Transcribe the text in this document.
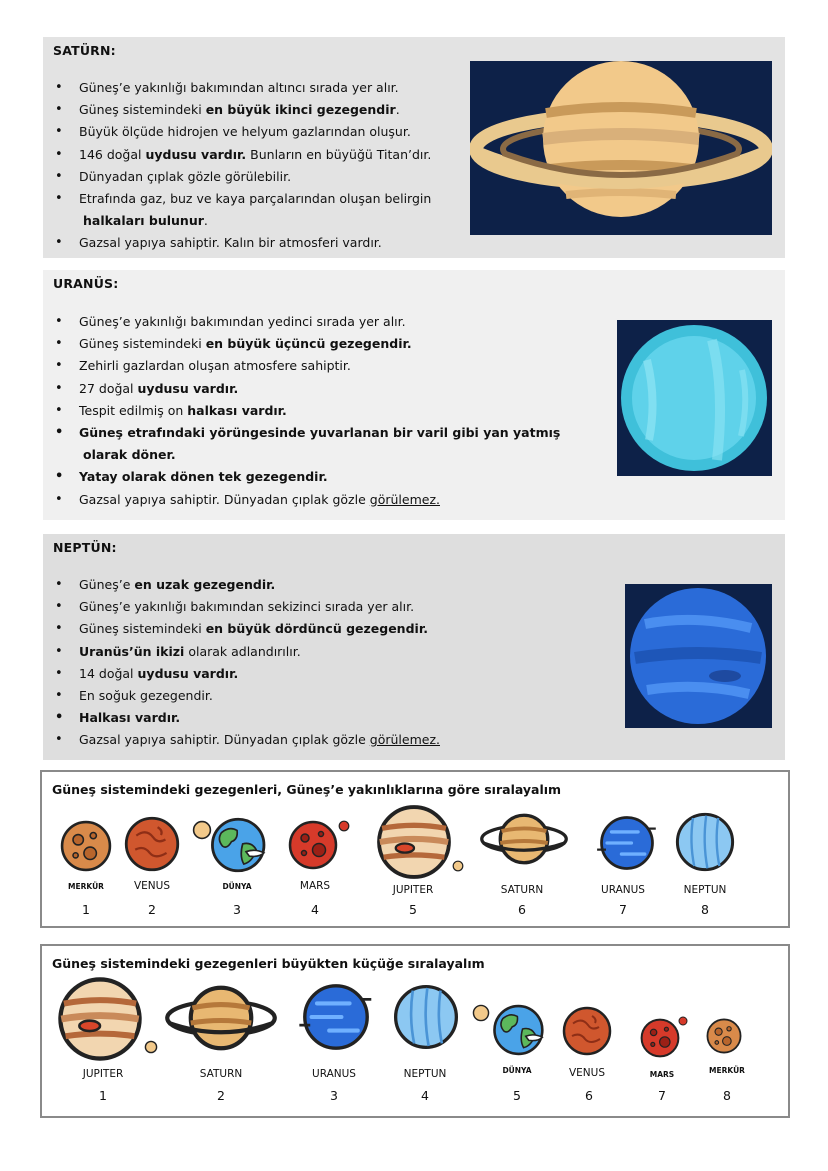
SATÜRN:
• Güneş’e yakınlığı bakımından altıncı sırada yer alır.
• Güneş sistemindeki en büyük ikinci gezegendir.
• Büyük ölçüde hidrojen ve helyum gazlarından oluşur.
• 146 doğal uydusu vardır. Bunların en büyüğü Titan’dır.
• Dünyadan çıplak gözle görülebilir.
• Etrafında gaz, buz ve kaya parçalarından oluşan belirgin
halkaları bulunur.
• Gazsal yapıya sahiptir. Kalın bir atmosferi vardır.
URANÜS:
• Güneş’e yakınlığı bakımından yedinci sırada yer alır.
• Güneş sistemindeki en büyük üçüncü gezegendir.
• Zehirli gazlardan oluşan atmosfere sahiptir.
• 27 doğal uydusu vardır.
• Tespit edilmiş on halkası vardır.
• Güneş etrafındaki yörüngesinde yuvarlanan bir varil gibi yan yatmış
olarak döner.
• Yatay olarak dönen tek gezegendir.
• Gazsal yapıya sahiptir. Dünyadan çıplak gözle görülemez.
NEPTÜN:
• Güneş’e en uzak gezegendir.
• Güneş’e yakınlığı bakımından sekizinci sırada yer alır.
• Güneş sistemindeki en büyük dördüncü gezegendir.
• Uranüs’ün ikizi olarak adlandırılır.
• 14 doğal uydusu vardır.
• En soğuk gezegendir.
• Halkası vardır.
• Gazsal yapıya sahiptir. Dünyadan çıplak gözle görülemez.
Güneş sistemindeki gezegenleri, Güneş’e yakınlıklarına göre sıralayalım
MERKÜR	VENUS	DÜNYA	MARS	JUPITER	SATURN	URANUS	NEPTUN
1	2	3	4	5	6	7	8
Güneş sistemindeki gezegenleri büyükten küçüğe sıralayalım
JUPITER	SATURN	URANUS	NEPTUN	DÜNYA	VENUS	MARS	MERKÜR
1	2	3	4	5	6	7	8
